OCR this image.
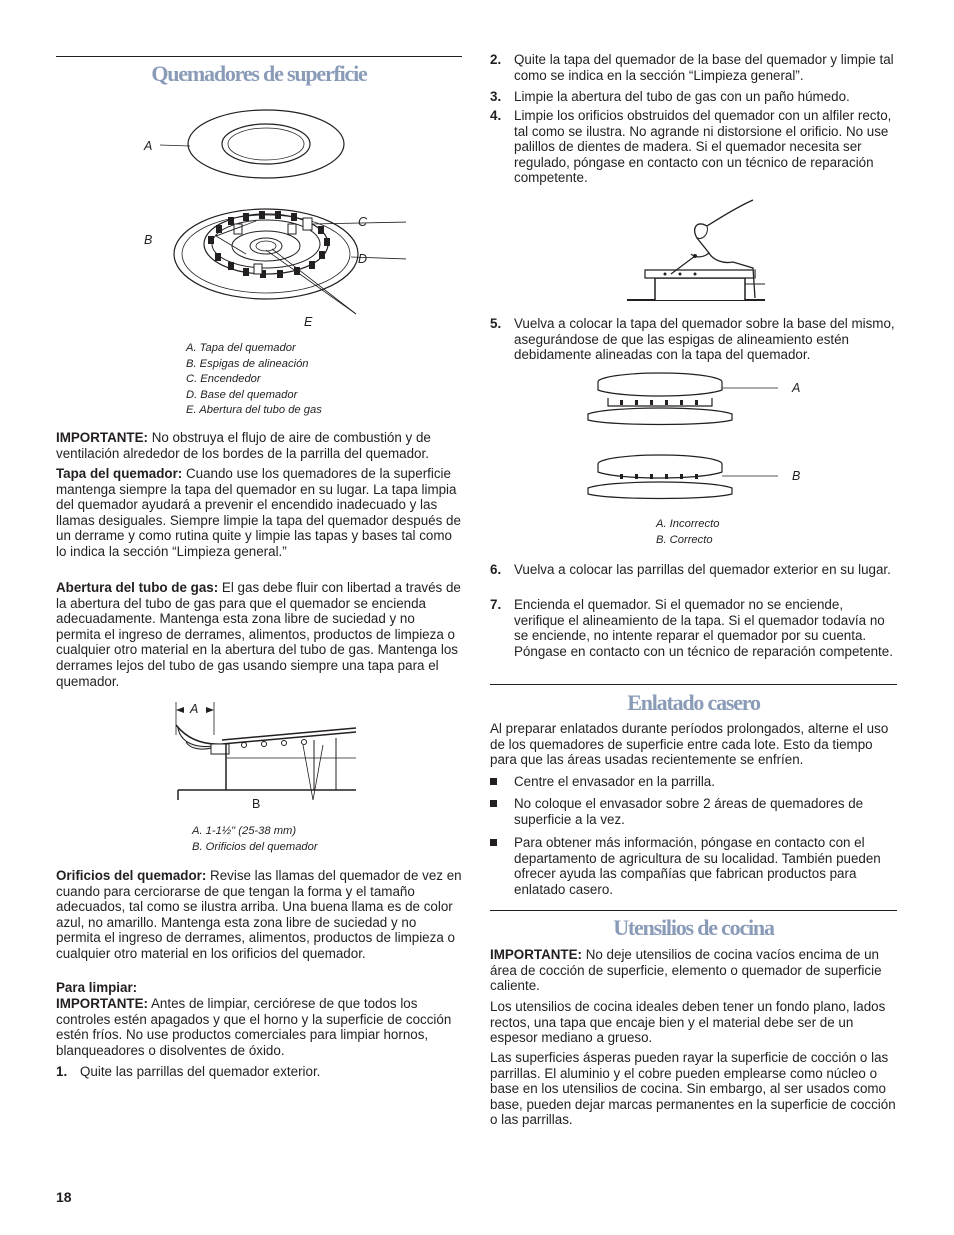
Quemadores de superficie
A
B
C
D
E
A. Tapa del quemador
B. Espigas de alineación
C. Encendedor
D. Base del quemador
E. Abertura del tubo de gas

IMPORTANTE: No obstruya el flujo de aire de combustión y de ventilación alrededor de los bordes de la parrilla del quemador.

Tapa del quemador: Cuando use los quemadores de la superficie mantenga siempre la tapa del quemador en su lugar. La tapa limpia del quemador ayudará a prevenir el encendido inadecuado y las llamas desiguales. Siempre limpie la tapa del quemador después de un derrame y como rutina quite y limpie las tapas y bases tal como lo indica la sección “Limpieza general.”

Abertura del tubo de gas: El gas debe fluir con libertad a través de la abertura del tubo de gas para que el quemador se encienda adecuadamente. Mantenga esta zona libre de suciedad y no permita el ingreso de derrames, alimentos, productos de limpieza o cualquier otro material en la abertura del tubo de gas. Mantenga los derrames lejos del tubo de gas usando siempre una tapa para el quemador.

A
B
A. 1-1½" (25-38 mm)
B. Orificios del quemador

Orificios del quemador: Revise las llamas del quemador de vez en cuando para cerciorarse de que tengan la forma y el tamaño adecuados, tal como se ilustra arriba. Una buena llama es de color azul, no amarillo. Mantenga esta zona libre de suciedad y no permita el ingreso de derrames, alimentos, productos de limpieza o cualquier otro material en los orificios del quemador.

Para limpiar:

IMPORTANTE: Antes de limpiar, cerciórese de que todos los controles estén apagados y que el horno y la superficie de cocción estén fríos. No use productos comerciales para limpiar hornos, blanqueadores o disolventes de óxido.

1. Quite las parrillas del quemador exterior.
2. Quite la tapa del quemador de la base del quemador y limpie tal como se indica en la sección “Limpieza general”.
3. Limpie la abertura del tubo de gas con un paño húmedo.
4. Limpie los orificios obstruidos del quemador con un alfiler recto, tal como se ilustra. No agrande ni distorsione el orificio. No use palillos de dientes de madera. Si el quemador necesita ser regulado, póngase en contacto con un técnico de reparación competente.
5. Vuelva a colocar la tapa del quemador sobre la base del mismo, asegurándose de que las espigas de alineamiento estén debidamente alineadas con la tapa del quemador.
A
B
A. Incorrecto
B. Correcto
6. Vuelva a colocar las parrillas del quemador exterior en su lugar.
7. Encienda el quemador. Si el quemador no se enciende, verifique el alineamiento de la tapa. Si el quemador todavía no se enciende, no intente reparar el quemador por su cuenta. Póngase en contacto con un técnico de reparación competente.
Enlatado casero

Al preparar enlatados durante períodos prolongados, alterne el uso de los quemadores de superficie entre cada lote. Esto da tiempo para que las áreas usadas recientemente se enfríen.

Centre el envasador en la parrilla.
No coloque el envasador sobre 2 áreas de quemadores de superficie a la vez.
Para obtener más información, póngase en contacto con el departamento de agricultura de su localidad. También pueden ofrecer ayuda las compañías que fabrican productos para enlatado casero.
Utensilios de cocina

IMPORTANTE: No deje utensilios de cocina vacíos encima de un área de cocción de superficie, elemento o quemador de superficie caliente.

Los utensilios de cocina ideales deben tener un fondo plano, lados rectos, una tapa que encaje bien y el material debe ser de un espesor mediano a grueso.

Las superficies ásperas pueden rayar la superficie de cocción o las parrillas. El aluminio y el cobre pueden emplearse como núcleo o base en los utensilios de cocina. Sin embargo, al ser usados como base, pueden dejar marcas permanentes en la superficie de cocción o las parrillas.

18
